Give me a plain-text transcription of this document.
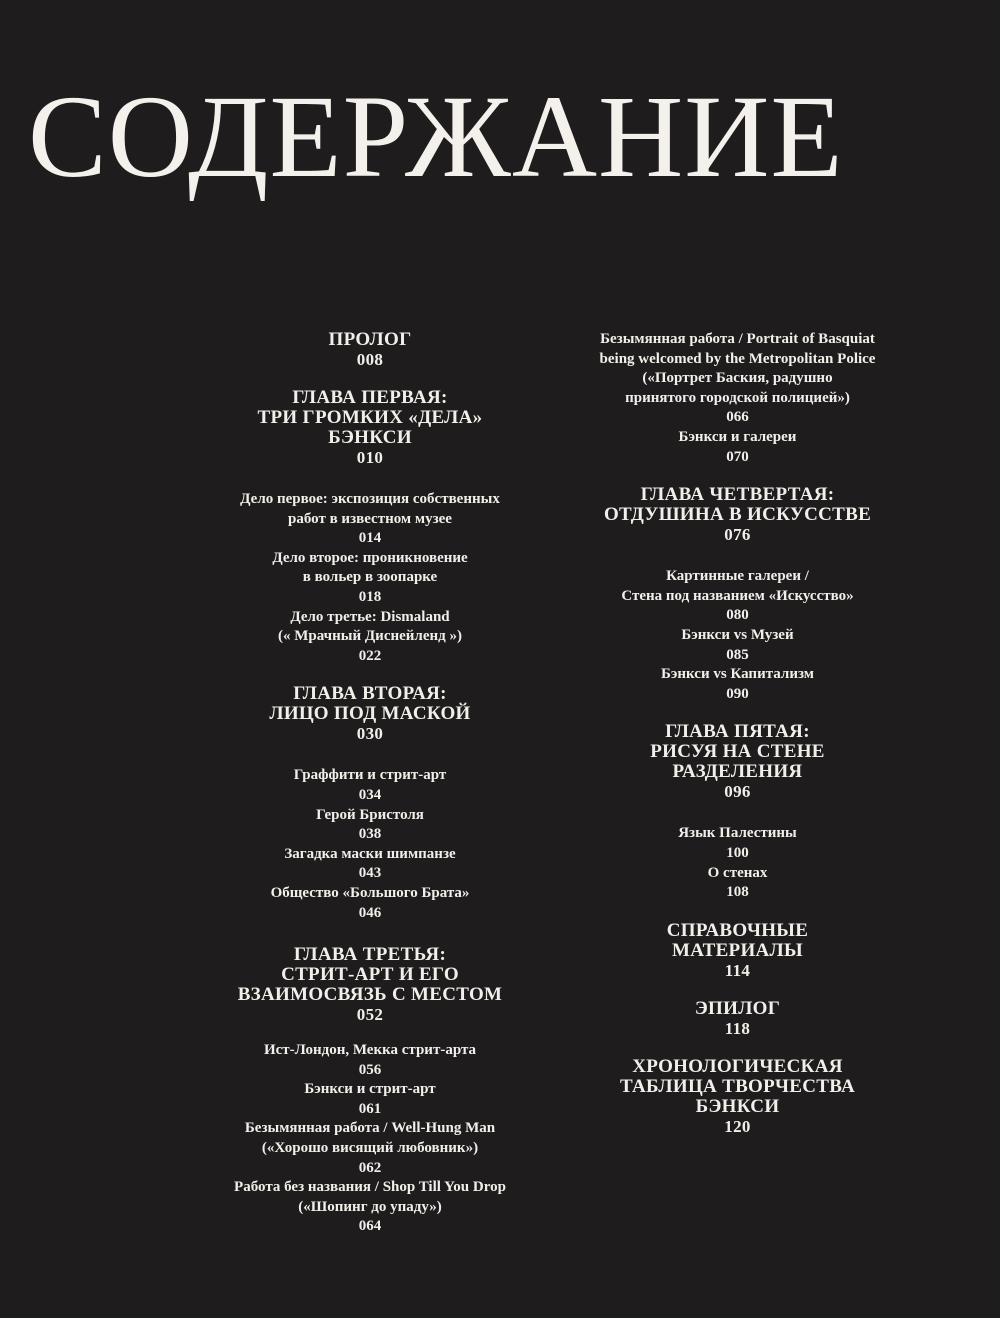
СОДЕРЖАНИЕ
ПРОЛОГ
008
ГЛАВА ПЕРВАЯ:
ТРИ ГРОМКИХ «ДЕЛА»
БЭНКСИ
010
Дело первое: экспозиция собственных
работ в известном музее
014
Дело второе: проникновение
в вольер в зоопарке
018
Дело третье: Dismaland
(« Мрачный Диснейленд »)
022
ГЛАВА ВТОРАЯ:
ЛИЦО ПОД МАСКОЙ
030
Граффити и стрит-арт
034
Герой Бристоля
038
Загадка маски шимпанзе
043
Общество «Большого Брата»
046
ГЛАВА ТРЕТЬЯ:
СТРИТ-АРТ И ЕГО
ВЗАИМОСВЯЗЬ С МЕСТОМ
052
Ист-Лондон, Мекка стрит-арта
056
Бэнкси и стрит-арт
061
Безымянная работа / Well-Hung Man
(«Хорошо висящий любовник»)
062
Работа без названия / Shop Till You Drop
(«Шопинг до упаду»)
064
Безымянная работа / Portrait of Basquiat
being welcomed by the Metropolitan Police
(«Портрет Баския, радушно
принятого городской полицией»)
066
Бэнкси и галереи
070
ГЛАВА ЧЕТВЕРТАЯ:
ОТДУШИНА В ИСКУССТВЕ
076
Картинные галереи /
Стена под названием «Искусство»
080
Бэнкси vs Музей
085
Бэнкси vs Капитализм
090
ГЛАВА ПЯТАЯ:
РИСУЯ НА СТЕНЕ
РАЗДЕЛЕНИЯ
096
Язык Палестины
100
О стенах
108
СПРАВОЧНЫЕ
МАТЕРИАЛЫ
114
ЭПИЛОГ
118
ХРОНОЛОГИЧЕСКАЯ
ТАБЛИЦА ТВОРЧЕСТВА
БЭНКСИ
120
